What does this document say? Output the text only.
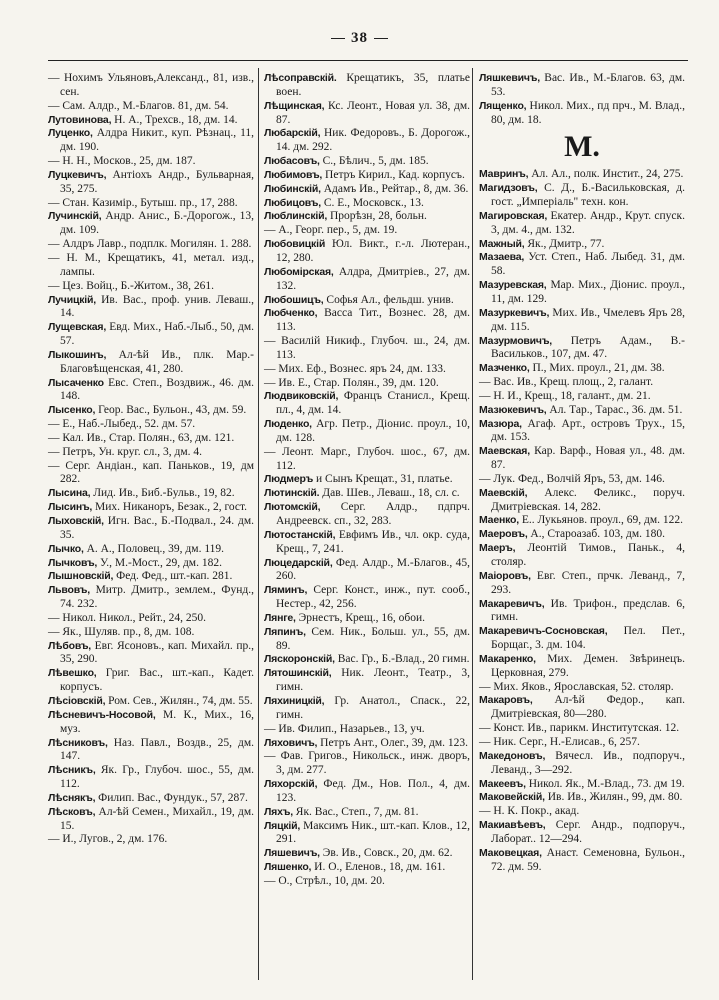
38

— Нохимъ Ульяновъ,Александ., 81, изв., сен.

— Сам. Алдр., М.-Благов. 81, дм. 54.

Лутовинова, Н. А., Трехсв., 18, дм. 14.

Луценко, Алдра Никит., куп. Рѣзнац., 11, дм. 190.

— Н. Н., Москов., 25, дм. 187.

Луцкевичъ, Антіохъ Андр., Бульварная, 35, 275.

— Стан. Казимір., Бутыш. пр., 17, 288.

Лучинскій, Андр. Анис., Б.-Дорогож., 13, дм. 109.

— Алдръ Лавр., подплк. Могилян. 1. 288.

— Н. М., Крещатикъ, 41, метал. изд., лампы.

— Цез. Войц., Б.-Житом., 38, 261.

Лучицкій, Ив. Вас., проф. унив. Леваш., 14.

Лущевская, Евд. Мих., Наб.-Лыб., 50, дм. 57.

Лыкошинъ, Ал-ѣй Ив., плк. Мар.-Благовѣщенская, 41, 280.

Лысаченко Евс. Степ., Воздвиж., 46. дм. 148.

Лысенко, Геор. Вас., Бульон., 43, дм. 59.

— Е., Наб.-Лыбед., 52. дм. 57.

— Кал. Ив., Стар. Полян., 63, дм. 121.

— Петръ, Ун. круг. сл., 3, дм. 4.

— Серг. Андіан., кап. Паньков., 19, дм 282.

Лысина, Лид. Ив., Биб.-Бульв., 19, 82.

Лысинъ, Мих. Никаноръ, Безак., 2, гост.

Лыховскій, Игн. Вас., Б.-Подвал., 24. дм. 35.

Лычко, А. А., Половец., 39, дм. 119.

Лычковъ, У., М.-Мост., 29, дм. 182.

Лышновскій, Фед. Фед., шт.-кап. 281.

Львовъ, Митр. Дмитр., землем., Фунд., 74. 232.

— Никол. Никол., Рейт., 24, 250.

— Як., Шуляв. пр., 8, дм. 108.

Лѣбовъ, Евг. Ясоновъ., кап. Михайл. пр., 35, 290.

Лѣвешко, Григ. Вас., шт.-кап., Кадет. корпусъ.

Лѣсіовскій, Ром. Сев., Жилян., 74, дм. 55.

Лѣсневичъ-Носовой, М. К., Мих., 16, муз.

Лѣсниковъ, Наз. Павл., Воздв., 25, дм. 147.

Лѣсникъ, Як. Гр., Глубоч. шос., 55, дм. 112.

Лѣснякъ, Филип. Вас., Фундук., 57, 287.

Лѣсковъ, Ал-ѣй Семен., Михайл., 19, дм. 15.

— И., Лугов., 2, дм. 176.

Лѣсоправскій. Крещатикъ, 35, платье воен.

Лѣщинская, Кс. Леонт., Новая ул. 38, дм. 87.

Любарскій, Ник. Федоровъ., Б. Дорогож., 14. дм. 292.

Любасовъ, С., Бѣлич., 5, дм. 185.

Любимовъ, Петръ Кирил., Кад. корпусъ.

Любинскій, Адамъ Ив., Рейтар., 8, дм. 36.

Любицовъ, С. Е., Московск., 13.

Люблинскій, Прорѣзн, 28, больн.

— А., Георг. пер., 5, дм. 19.

Любовицкій Юл. Викт., г.-л. Лютеран., 12, 280.

Любомірская, Алдра, Дмитріев., 27, дм. 132.

Любошицъ, Софья Ал., фельдш. унив.

Любченко, Васса Тит., Вознес. 28, дм. 113.

— Василій Никиф., Глубоч. ш., 24, дм. 113.

— Мих. Еф., Вознес. яръ 24, дм. 133.

— Ив. Е., Стар. Полян., 39, дм. 120.

Людвиковскій, Францъ Станисл., Крещ. пл., 4, дм. 14.

Люденко, Агр. Петр., Діонис. проул., 10, дм. 128.

— Леонт. Марг., Глубоч. шос., 67, дм. 112.

Людмеръ и Сынъ Крещат., 31, платье.

Лютинскій. Дав. Шев., Леваш., 18, сл. с.

Лютомскій, Серг. Алдр., пдпрч. Андреевск. сп., 32, 283.

Лютостанскій, Евфимъ Ив., чл. окр. суда, Крещ., 7, 241.

Люцедарскій, Фед. Алдр., М.-Благов., 45, 260.

Ляминъ, Серг. Конст., инж., пут. сооб., Нестер., 42, 256.

Лянге, Эрнестъ, Крещ., 16, обои.

Ляпинъ, Сем. Ник., Больш. ул., 55, дм. 89.

Ляскоронскій, Вас. Гр., Б.-Влад., 20 гимн.

Лятошинскій, Ник. Леонт., Театр., 3, гимн.

Ляхиницкій, Гр. Анатол., Спаск., 22, гимн.

— Ив. Филип., Назарьев., 13, уч.

Ляховичъ, Петръ Ант., Олег., 39, дм. 123.

— Фав. Григов., Никольск., инж. дворъ, 3, дм. 277.

Ляхорскій, Фед. Дм., Нов. Пол., 4, дм. 123.

Ляхъ, Як. Вас., Степ., 7, дм. 81.

Ляцкій, Максимъ Ник., шт.-кап. Клов., 12, 291.

Ляшевичъ, Эв. Ив., Совск., 20, дм. 62.

Ляшенко, И. О., Еленов., 18, дм. 161.

— О., Стрѣл., 10, дм. 20.

Ляшкевичъ, Вас. Ив., М.-Благов. 63, дм. 53.

Лященко, Никол. Мих., пд прч., М. Влад., 80, дм. 18.

М.

Мавринъ, Ал. Ал., полк. Инстит., 24, 275.

Магидзовъ, С. Д., Б.-Васильковская, д. гост. „Имперіаль" техн. кон.

Магировская, Екатер. Андр., Крут. спуск. 3, дм. 4., дм. 132.

Мажный, Як., Дмитр., 77.

Мазаева, Уст. Степ., Наб. Лыбед. 31, дм. 58.

Мазуревская, Мар. Мих., Діонис. проул., 11, дм. 129.

Мазуркевичъ, Мих. Ив., Чмелевъ Яръ 28, дм. 115.

Мазурмовичъ, Петръ Адам., В.-Васильков., 107, дм. 47.

Мазченко, П., Мих. проул., 21, дм. 38.

— Вас. Ив., Крещ. площ., 2, галант.

— Н. И., Крещ., 18, галант., дм. 21.

Мазюкевичъ, Ал. Тар., Тарас., 36. дм. 51.

Мазюра, Агаф. Арт., островъ Трух., 15, дм. 153.

Маевская, Кар. Варф., Новая ул., 48. дм. 87.

— Лук. Фед., Волчій Яръ, 53, дм. 146.

Маевскій, Алекс. Феликс., поруч. Дмитріевская. 14, 282.

Маенко, Е.. Лукьянов. проул., 69, дм. 122.

Маеровъ, А., Староазаб. 103, дм. 180.

Маеръ, Леонтій Тимов., Паньк., 4, столяр.

Маіоровъ, Евг. Степ., прчк. Леванд., 7, 293.

Макаревичъ, Ив. Трифон., предслав. 6, гимн.

Макаревичъ-Сосновская, Пел. Пет., Борщаг., 3. дм. 104.

Макаренко, Мих. Демен. Звѣринецъ. Церковная, 279.

— Мих. Яков., Ярославская, 52. столяр.

Макаровъ, Ал-ѣй Федор., кап. Дмитріевская, 80—280.

— Конст. Ив., парикм. Институтская. 12.

— Ник. Серг., Н.-Елисав., 6, 257.

Македоновъ, Вячесл. Ив., подпоруч., Леванд., 3—292.

Макеевъ, Никол. Як., М.-Влад., 73. дм 19.

Маковейскій, Ив. Ив., Жилян., 99, дм. 80.

— Н. К. Покр., акад.

Макиавѣевъ, Серг. Андр., подпоруч., Лаборат.. 12—294.

Маковецкая, Анаст. Семеновна, Бульон., 72. дм. 59.
